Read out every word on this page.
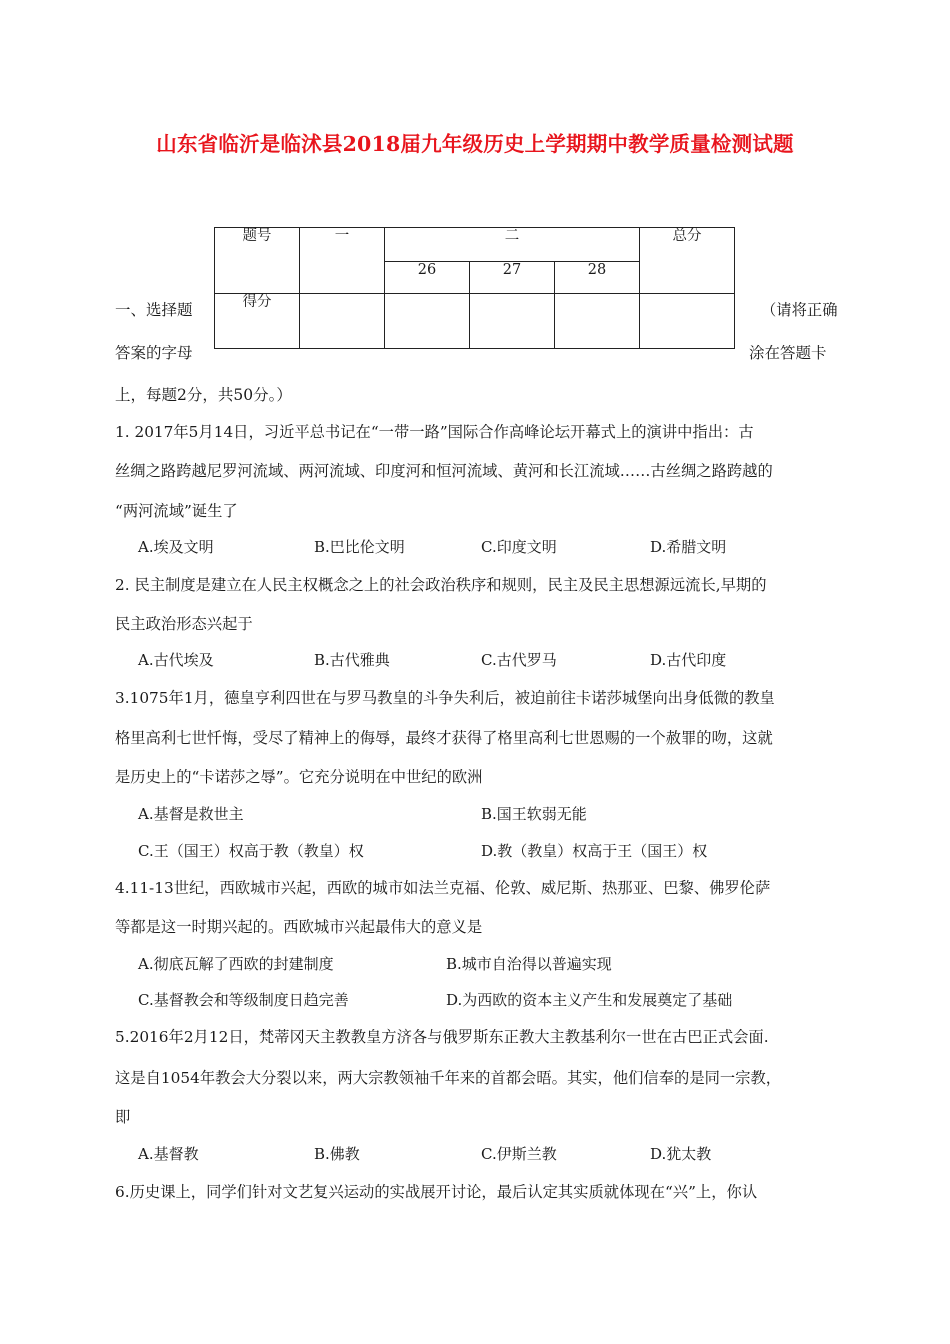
山东省临沂是临沭县2018届九年级历史上学期期中教学质量检测试题
题号	一	二			总分
		26	27	28	
得分					
一、选择题
答案的字母
（请将正确
涂在答题卡
上，每题2分，共50分。）
1. 2017年5月14日，习近平总书记在“一带一路”国际合作高峰论坛开幕式上的演讲中指出：古
丝绸之路跨越尼罗河流域、两河流域、印度河和恒河流域、黄河和长江流域……古丝绸之路跨越的
“两河流域”诞生了
A.埃及文明	B.巴比伦文明	C.印度文明	D.希腊文明
2. 民主制度是建立在人民主权概念之上的社会政治秩序和规则，民主及民主思想源远流长,早期的
民主政治形态兴起于
A.古代埃及	B.古代雅典	C.古代罗马	D.古代印度
3.1075年1月，德皇亨利四世在与罗马教皇的斗争失利后，被迫前往卡诺莎城堡向出身低微的教皇
格里高利七世忏悔，受尽了精神上的侮辱，最终才获得了格里高利七世恩赐的一个赦罪的吻，这就
是历史上的“卡诺莎之辱”。它充分说明在中世纪的欧洲
A.基督是救世主	B.国王软弱无能
C.王（国王）权高于教（教皇）权	D.教（教皇）权高于王（国王）权
4.11-13世纪，西欧城市兴起，西欧的城市如法兰克福、伦敦、威尼斯、热那亚、巴黎、佛罗伦萨
等都是这一时期兴起的。西欧城市兴起最伟大的意义是
A.彻底瓦解了西欧的封建制度	B.城市自治得以普遍实现
C.基督教会和等级制度日趋完善	D.为西欧的资本主义产生和发展奠定了基础
5.2016年2月12日，梵蒂冈天主教教皇方济各与俄罗斯东正教大主教基利尔一世在古巴正式会面.
这是自1054年教会大分裂以来，两大宗教领袖千年来的首都会晤。其实，他们信奉的是同一宗教，
即
A.基督教	B.佛教	C.伊斯兰教	D.犹太教
6.历史课上，同学们针对文艺复兴运动的实战展开讨论，最后认定其实质就体现在“兴”上，你认
